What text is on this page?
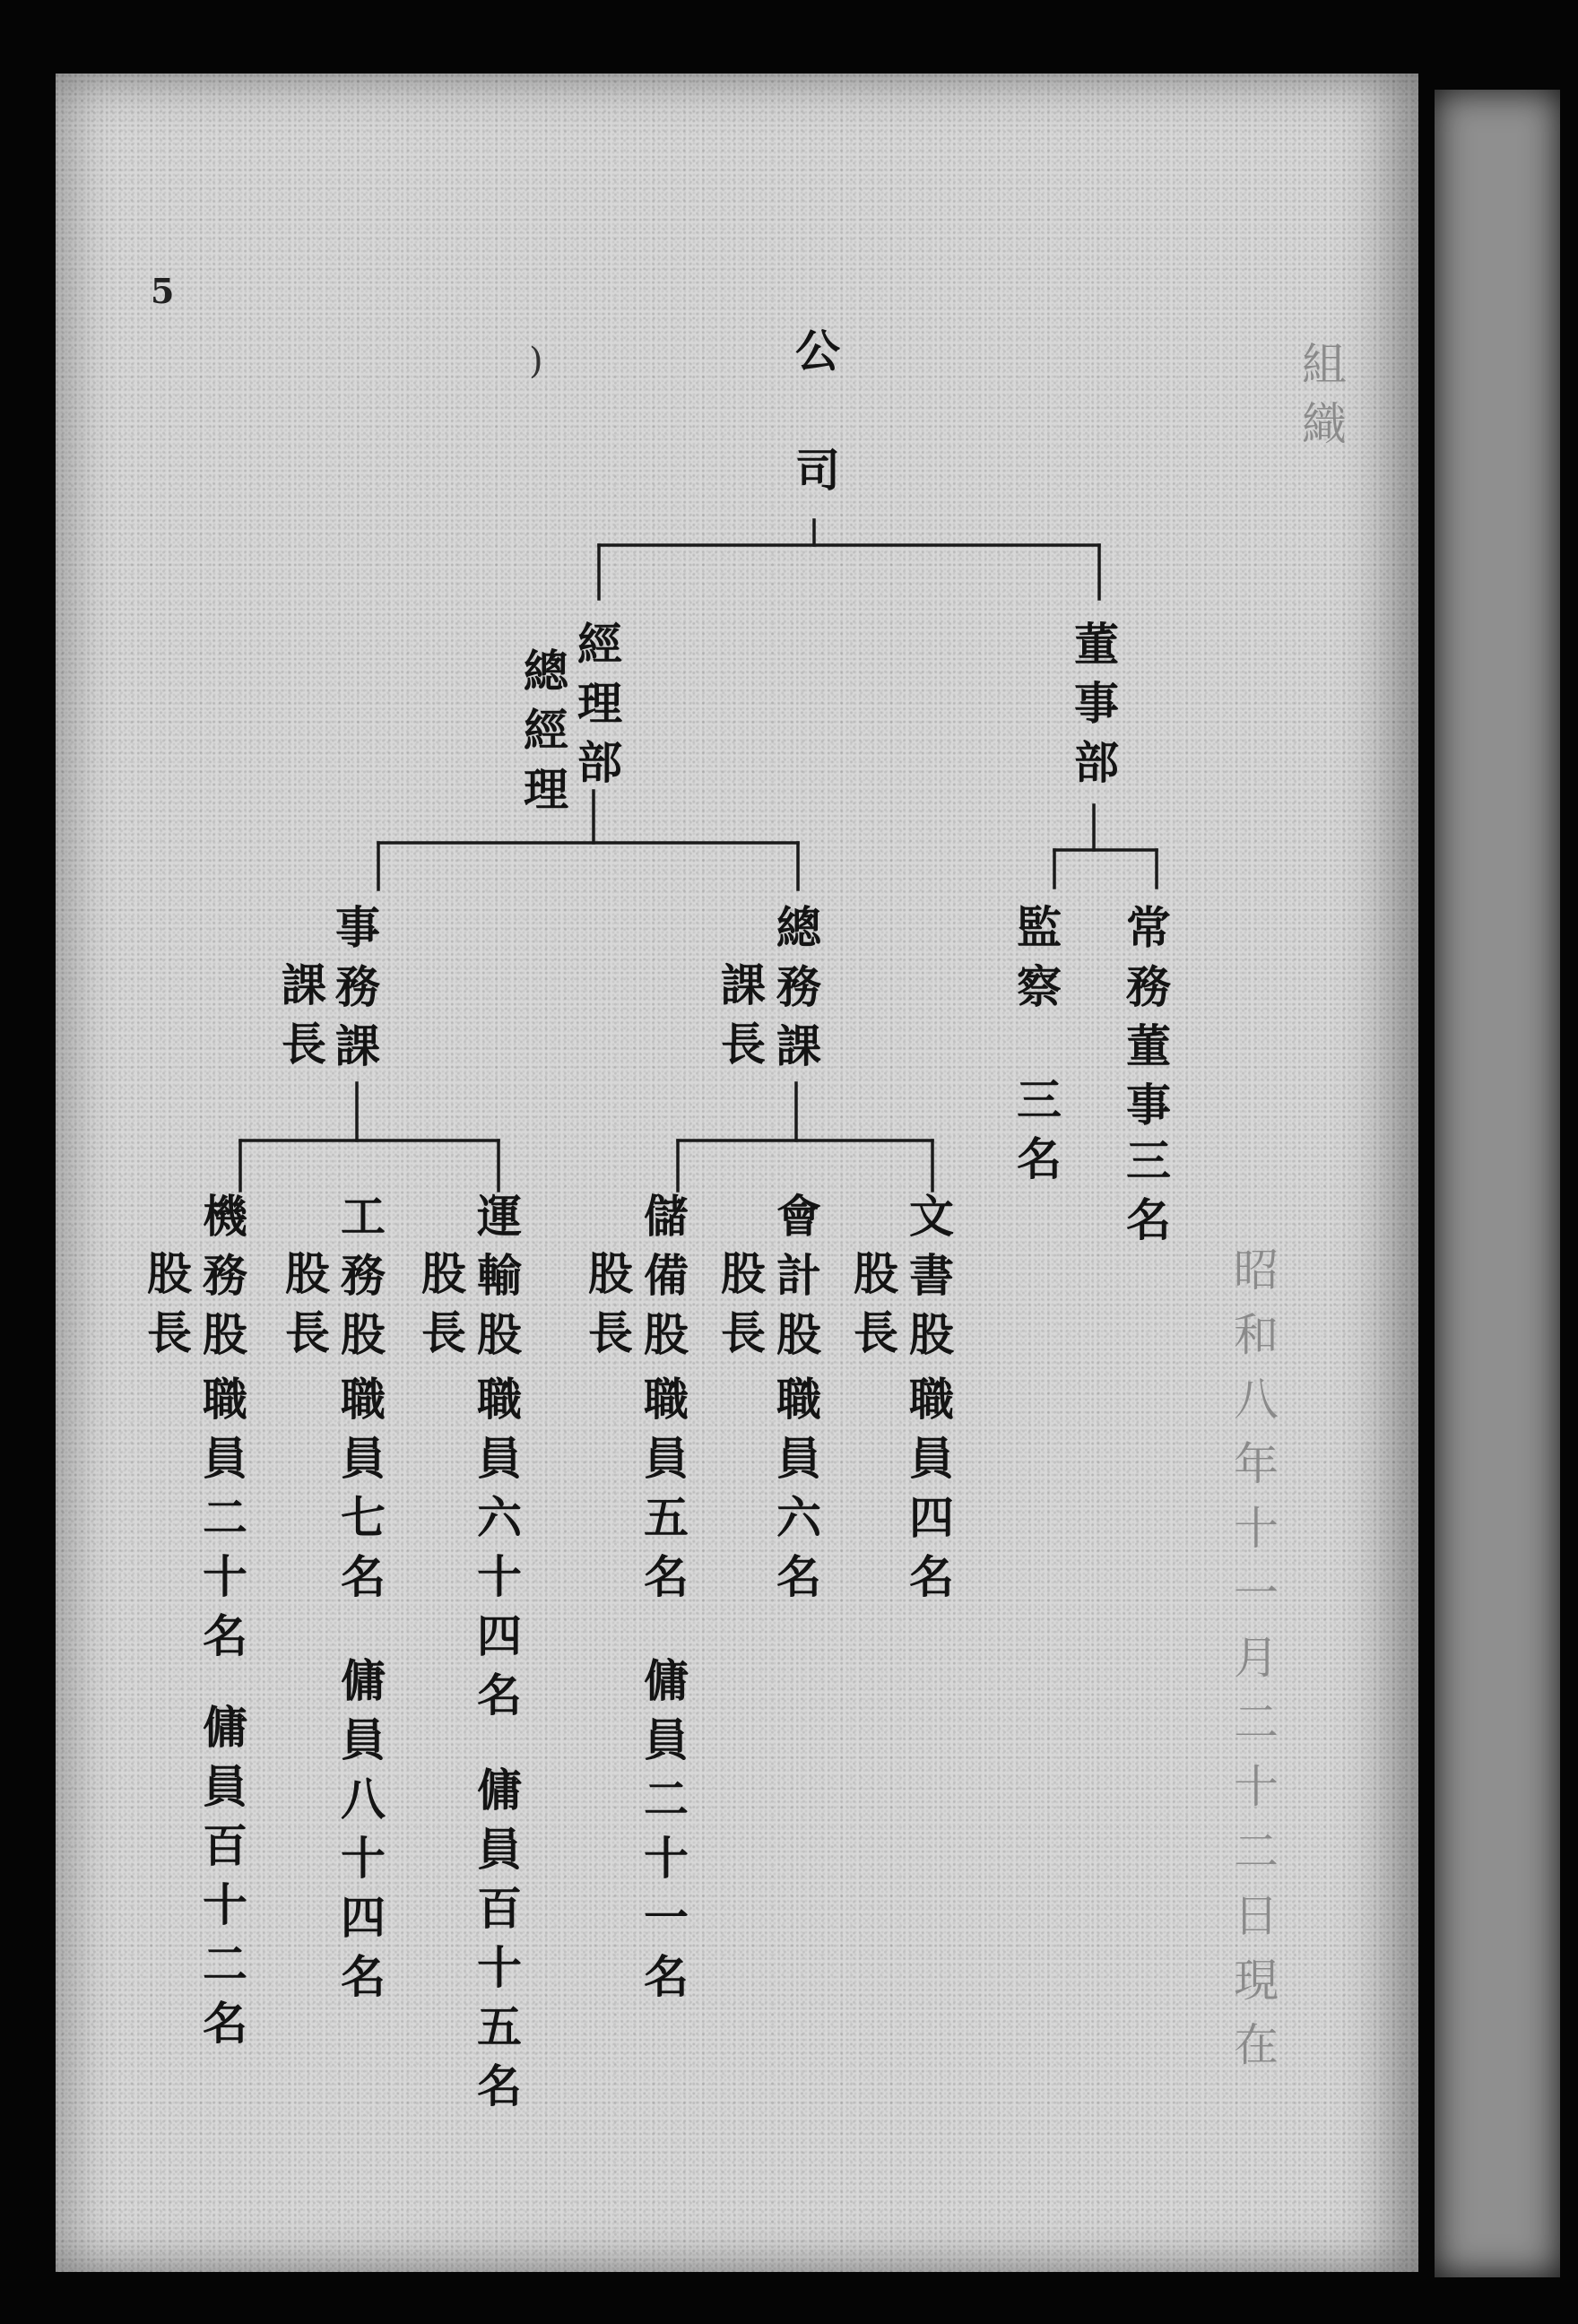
5
)	公
司
經理部
總經理	董事部
常務董事
三名
監察
三名
總務課
課長
事務課
課長
文書股
職員四名
股長
會計股
職員六名
股長
儲備股
職員五名
傭員二十一名
股長
運輸股
職員六十四名
傭員百十五名
股長
工務股
職員七名
傭員八十四名
股長
機務股
職員二十名
傭員百十二名
股長	昭和八年十一月二十二日現在
組織
